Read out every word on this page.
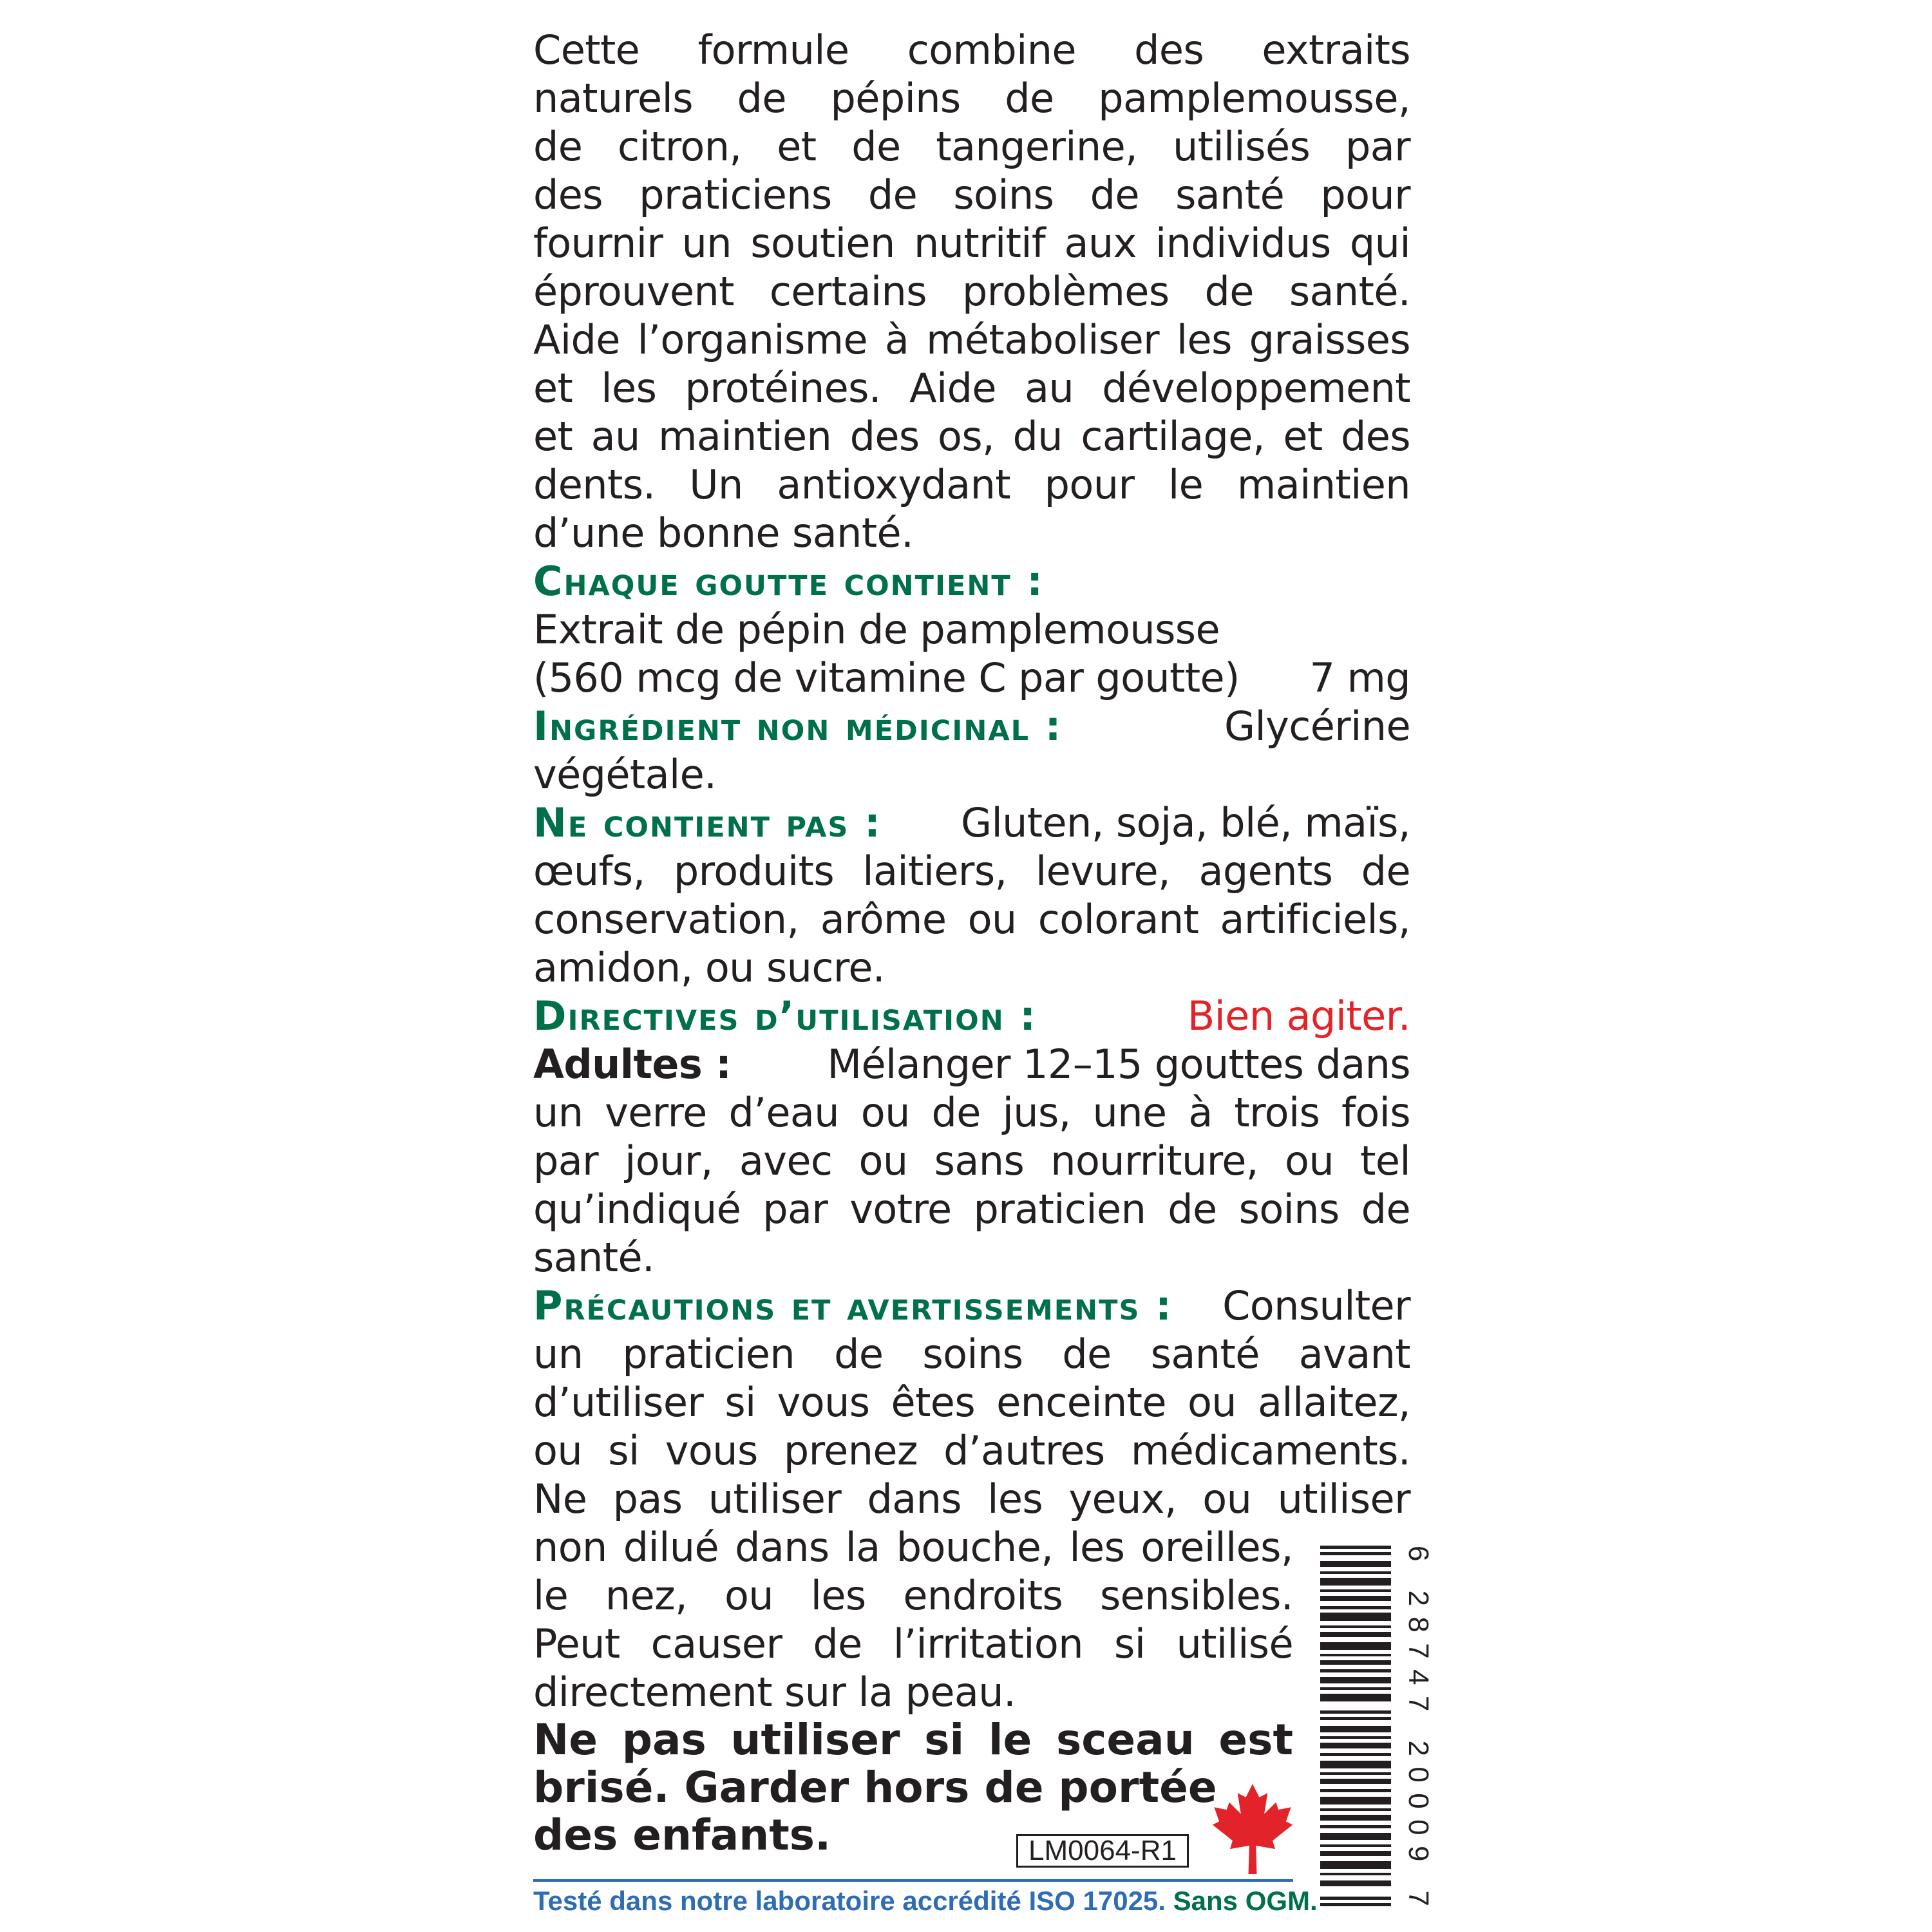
Cette formule combine des extraits

naturels de pépins de pamplemousse,

de citron, et de tangerine, utilisés par

des praticiens de soins de santé pour

fournir un soutien nutritif aux individus qui

éprouvent certains problèmes de santé.

Aide l’organisme à métaboliser les graisses

et les protéines. Aide au développement

et au maintien des os, du cartilage, et des

dents. Un antioxydant pour le maintien

d’une bonne santé.

Chaque goutte contient :

Extrait de pépin de pamplemousse

(560 mcg de vitamine C par goutte) 7 mg
Ingrédient non médicinal :	Glycérine

végétale.

Ne contient pas : Gluten, soja, blé, maïs,

œufs, produits laitiers, levure, agents de

conservation, arôme ou colorant artificiels,

amidon, ou sucre.

Directives d’utilisation :	Bien agiter.
Adultes : Mélanger 12–15 gouttes dans

un verre d’eau ou de jus, une à trois fois

par jour, avec ou sans nourriture, ou tel

qu’indiqué par votre praticien de soins de

santé.

Précautions et avertissements : Consulter

un praticien de soins de santé avant

d’utiliser si vous êtes enceinte ou allaitez,

ou si vous prenez d’autres médicaments.

Ne pas utiliser dans les yeux, ou utiliser

non dilué dans la bouche, les oreilles,

le nez, ou les endroits sensibles.

Peut causer de l’irritation si utilisé

directement sur la peau.

Ne pas utiliser si le sceau est

brisé. Garder hors de portée

des enfants.

6 28747 20009 7
LM0064-R1
Testé dans notre laboratoire accrédité ISO 17025. Sans OGM.
